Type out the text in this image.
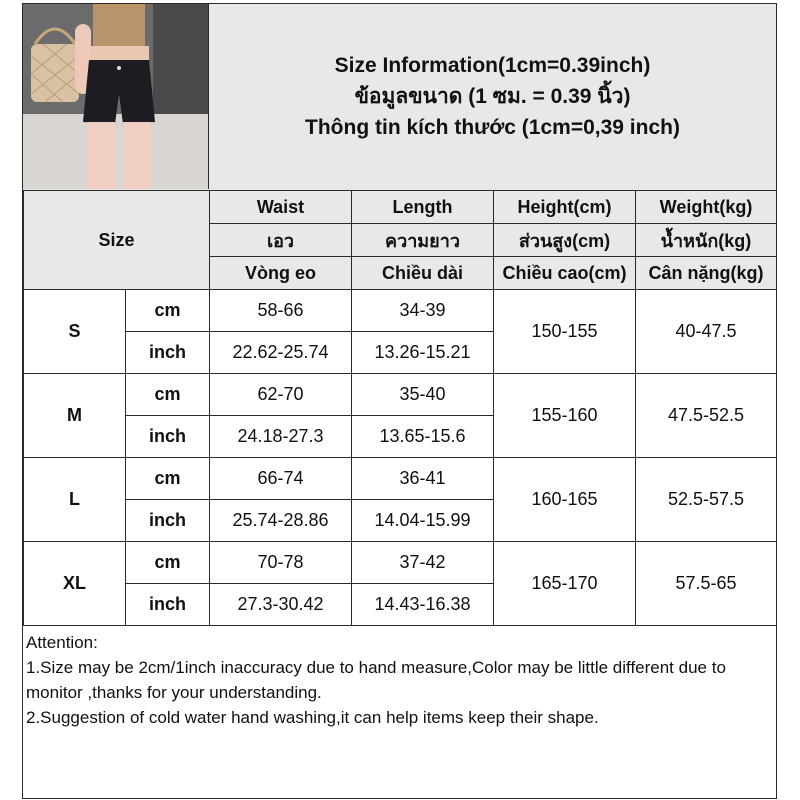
Size Information(1cm=0.39inch)
ข้อมูลขนาด (1 ซม. = 0.39 นิ้ว)
Thông tin kích thước (1cm=0,39 inch)
Size		Waist	Length	Height(cm)	Weight(kg)
		เอว	ความยาว	ส่วนสูง(cm)	น้ำหนัก(kg)
		Vòng eo	Chiều dài	Chiều cao(cm)	Cân nặng(kg)
S	cm	58-66	34-39	150-155	40-47.5
	inch	22.62-25.74	13.26-15.21		
M	cm	62-70	35-40	155-160	47.5-52.5
	inch	24.18-27.3	13.65-15.6		
L	cm	66-74	36-41	160-165	52.5-57.5
	inch	25.74-28.86	14.04-15.99		
XL	cm	70-78	37-42	165-170	57.5-65
	inch	27.3-30.42	14.43-16.38		
Attention:
1.Size may be 2cm/1inch inaccuracy due to hand measure,Color may be little different due to monitor ,thanks for your understanding.
2.Suggestion of cold water hand washing,it can help items keep their shape.
